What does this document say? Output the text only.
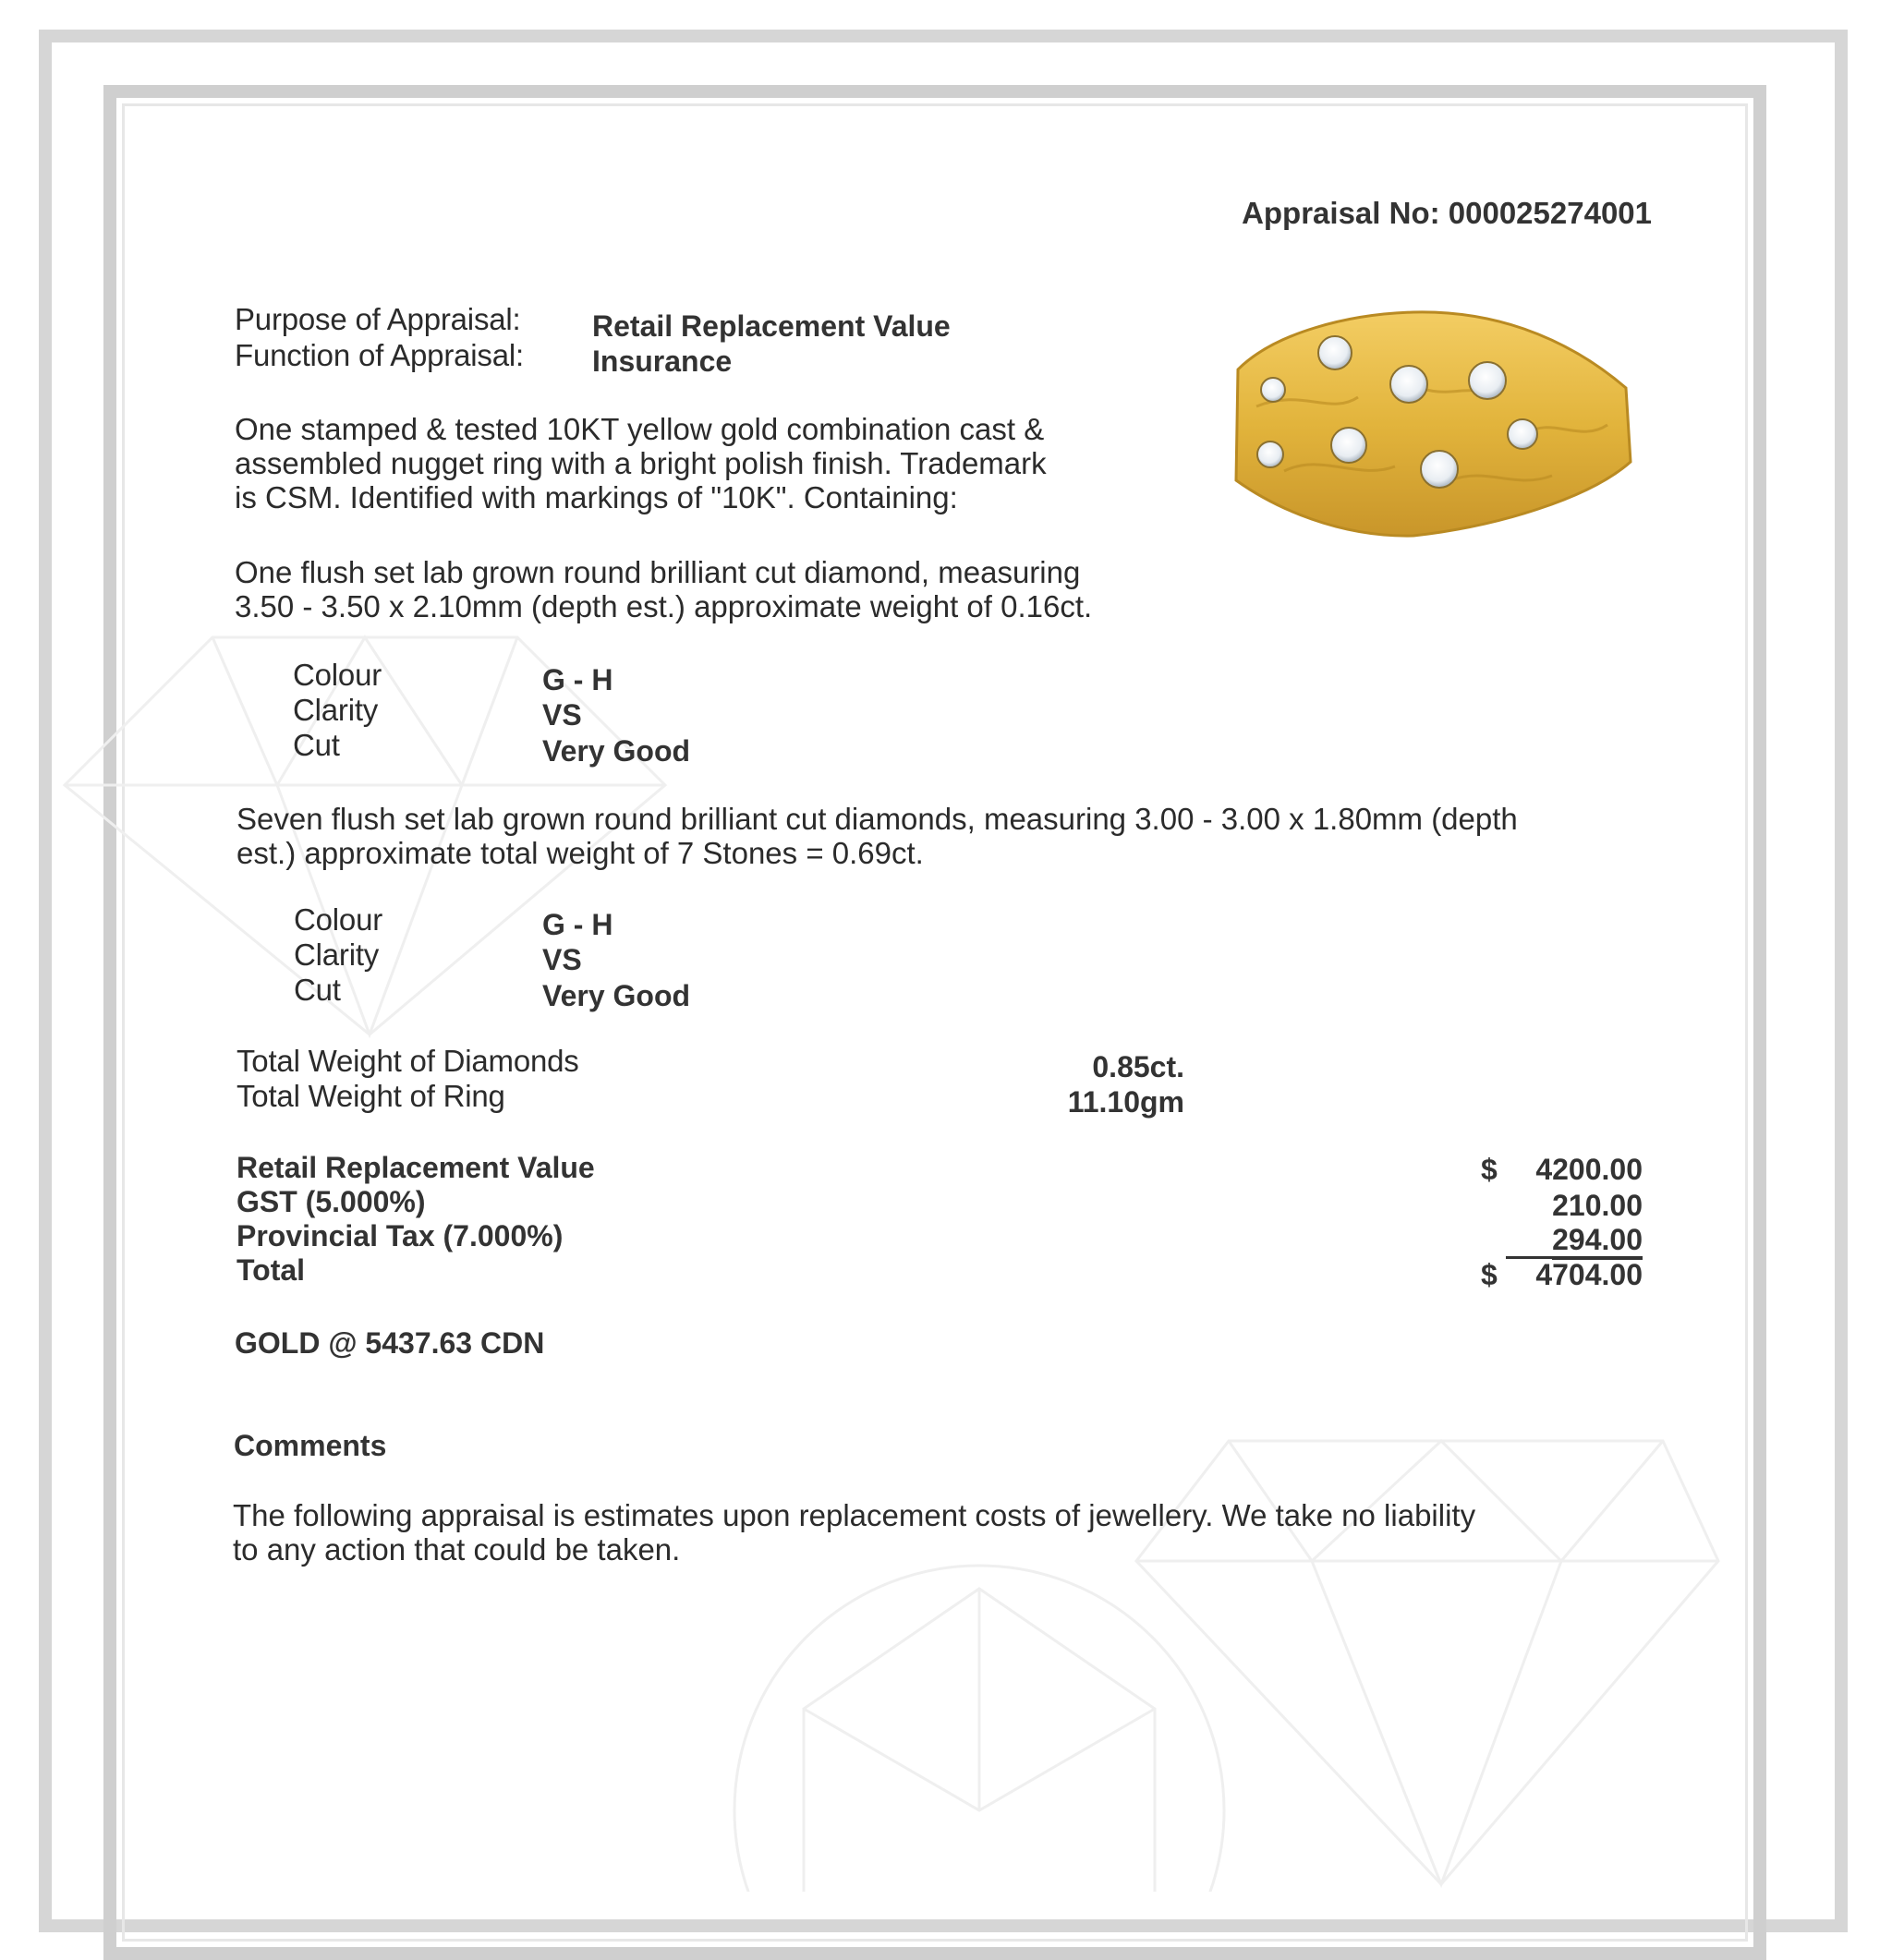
Appraisal No: 000025274001
Purpose of Appraisal: Retail Replacement Value
Function of Appraisal: Insurance
One stamped & tested 10KT yellow gold combination cast &
assembled nugget ring with a bright polish finish. Trademark
is CSM. Identified with markings of "10K". Containing:
One flush set lab grown round brilliant cut diamond, measuring
3.50 - 3.50 x 2.10mm (depth est.) approximate weight of 0.16ct.
Colour	G - H
Clarity	VS
Cut	Very Good
Seven flush set lab grown round brilliant cut diamonds, measuring 3.00 - 3.00 x 1.80mm (depth
est.) approximate total weight of 7 Stones = 0.69ct.
Colour	G - H
Clarity	VS
Cut	Very Good
Total Weight of Diamonds	0.85ct.
Total Weight of Ring	11.10gm
Retail Replacement Value	$ 4200.00
GST (5.000%)	210.00
Provincial Tax (7.000%)	294.00
Total	$ 4704.00
GOLD @ 5437.63 CDN
Comments
The following appraisal is estimates upon replacement costs of jewellery. We take no liability
to any action that could be taken.
